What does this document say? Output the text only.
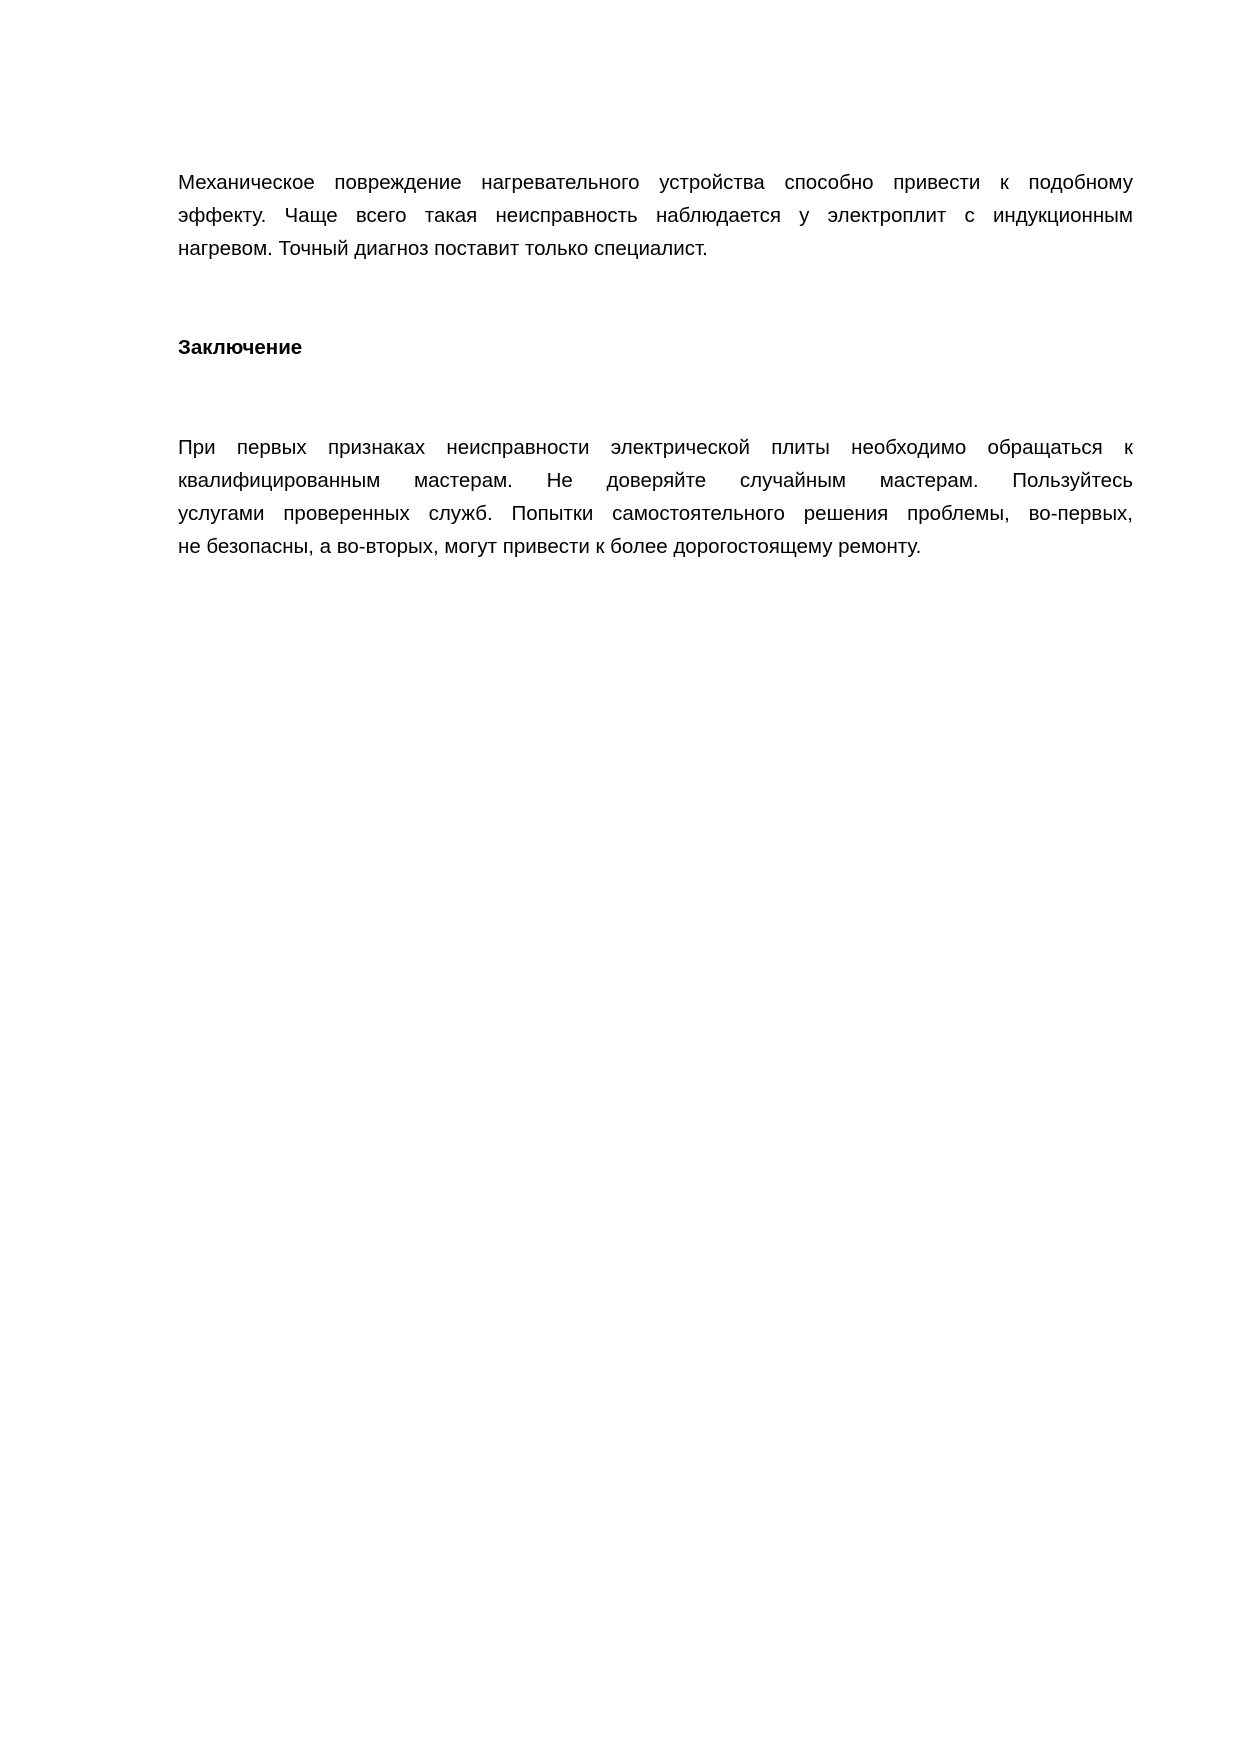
Механическое повреждение нагревательного устройства способно привести к подобному
эффекту. Чаще всего такая неисправность наблюдается у электроплит с индукционным
нагревом. Точный диагноз поставит только специалист.
Заключение
При первых признаках неисправности электрической плиты необходимо обращаться к
квалифицированным мастерам. Не доверяйте случайным мастерам. Пользуйтесь
услугами проверенных служб. Попытки самостоятельного решения проблемы, во-первых,
не безопасны, а во-вторых, могут привести к более дорогостоящему ремонту.
